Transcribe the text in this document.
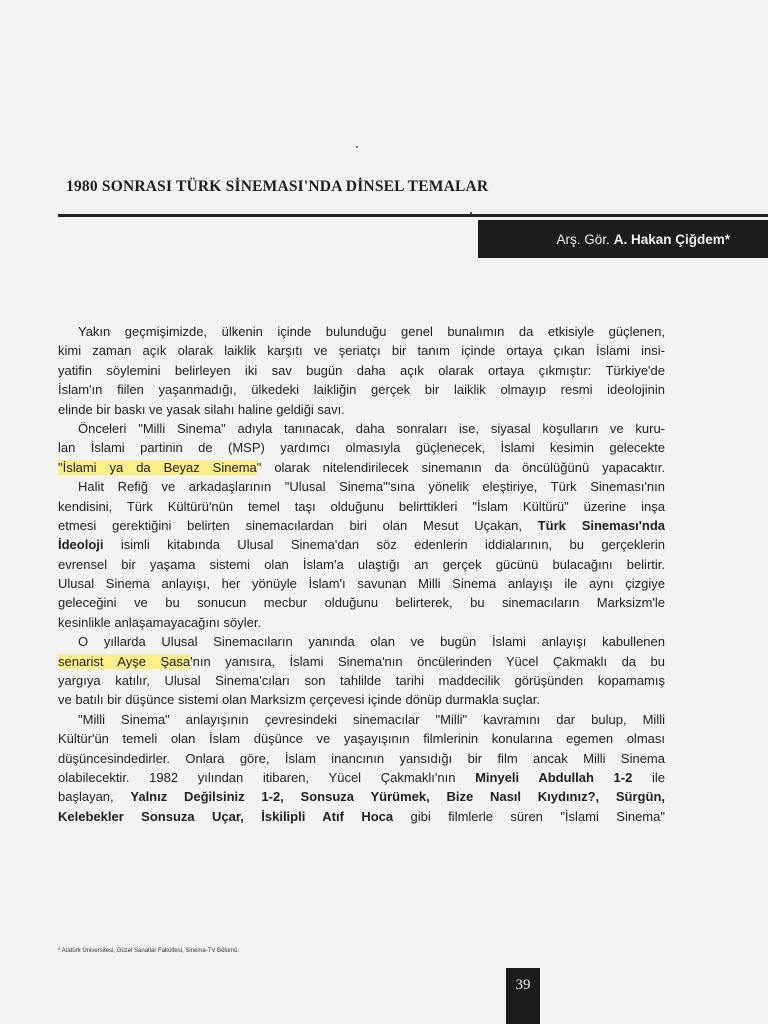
1980 SONRASI TÜRK SİNEMASI'NDA DİNSEL TEMALAR
Arş. Gör. A. Hakan Çiğdem*
Yakın geçmişimizde, ülkenin içinde bulunduğu genel bunalımın da etkisiyle güçlenen,
kimi zaman açık olarak laiklik karşıtı ve şeriatçı bir tanım içinde ortaya çıkan İslami insi-
yatifin söylemini belirleyen iki sav bugün daha açık olarak ortaya çıkmıştır: Türkiye'de
İslam'ın fiilen yaşanmadığı, ülkedeki laikliğin gerçek bir laiklik olmayıp resmi ideolojinin
elinde bir baskı ve yasak silahı haline geldiği savı.
Önceleri "Milli Sinema" adıyla tanınacak, daha sonraları ise, siyasal koşulların ve kuru-
lan İslami partinin de (MSP) yardımcı olmasıyla güçlenecek, İslami kesimin gelecekte
"İslami ya da Beyaz Sinema" olarak nitelendirilecek sinemanın da öncülüğünü yapacaktır.
Halit Refiğ ve arkadaşlarının "Ulusal Sinema"'sına yönelik eleştiriye, Türk Sineması'nın
kendisini, Türk Kültürü'nün temel taşı olduğunu belirttikleri "İslam Kültürü" üzerine inşa
etmesi gerektiğini belirten sinemacılardan biri olan Mesut Uçakan, Türk Sineması'nda
İdeoloji isimli kitabında Ulusal Sinema'dan söz edenlerin iddialarının, bu gerçeklerin
evrensel bir yaşama sistemi olan İslam'a ulaştığı an gerçek gücünü bulacağını belirtir.
Ulusal Sinema anlayışı, her yönüyle İslam'ı savunan Milli Sinema anlayışı ile aynı çizgiye
geleceğini ve bu sonucun mecbur olduğunu belirterek, bu sinemacıların Marksizm'le
kesinlikle anlaşamayacağını söyler.
O yıllarda Ulusal Sinemacıların yanında olan ve bugün İslami anlayışı kabullenen
senarist Ayşe Şasa'nın yanısıra, İslami Sinema'nın öncülerinden Yücel Çakmaklı da bu
yargıya katılır, Ulusal Sinema'cıları son tahlilde tarihi maddecilik görüşünden kopamamış
ve batılı bir düşünce sistemi olan Marksizm çerçevesi içinde dönüp durmakla suçlar.
"Milli Sinema" anlayışının çevresindeki sinemacılar "Milli" kavramını dar bulup, Milli
Kültür'ün temeli olan İslam düşünce ve yaşayışının filmlerinin konularına egemen olması
düşüncesindedirler. Onlara göre, İslam inancının yansıdığı bir film ancak Milli Sinema
olabilecektir. 1982 yılından itibaren, Yücel Çakmaklı'nın Minyeli Abdullah 1-2 ile
başlayan, Yalnız Değilsiniz 1-2, Sonsuza Yürümek, Bize Nasıl Kıydınız?, Sürgün,
Kelebekler Sonsuza Uçar, İskilipli Atıf Hoca gibi filmlerle süren "İslami Sinema"
* Atatürk Üniversitesi, Güzel Sanatlar Fakültesi, Sinema-TV Bölümü.
39
